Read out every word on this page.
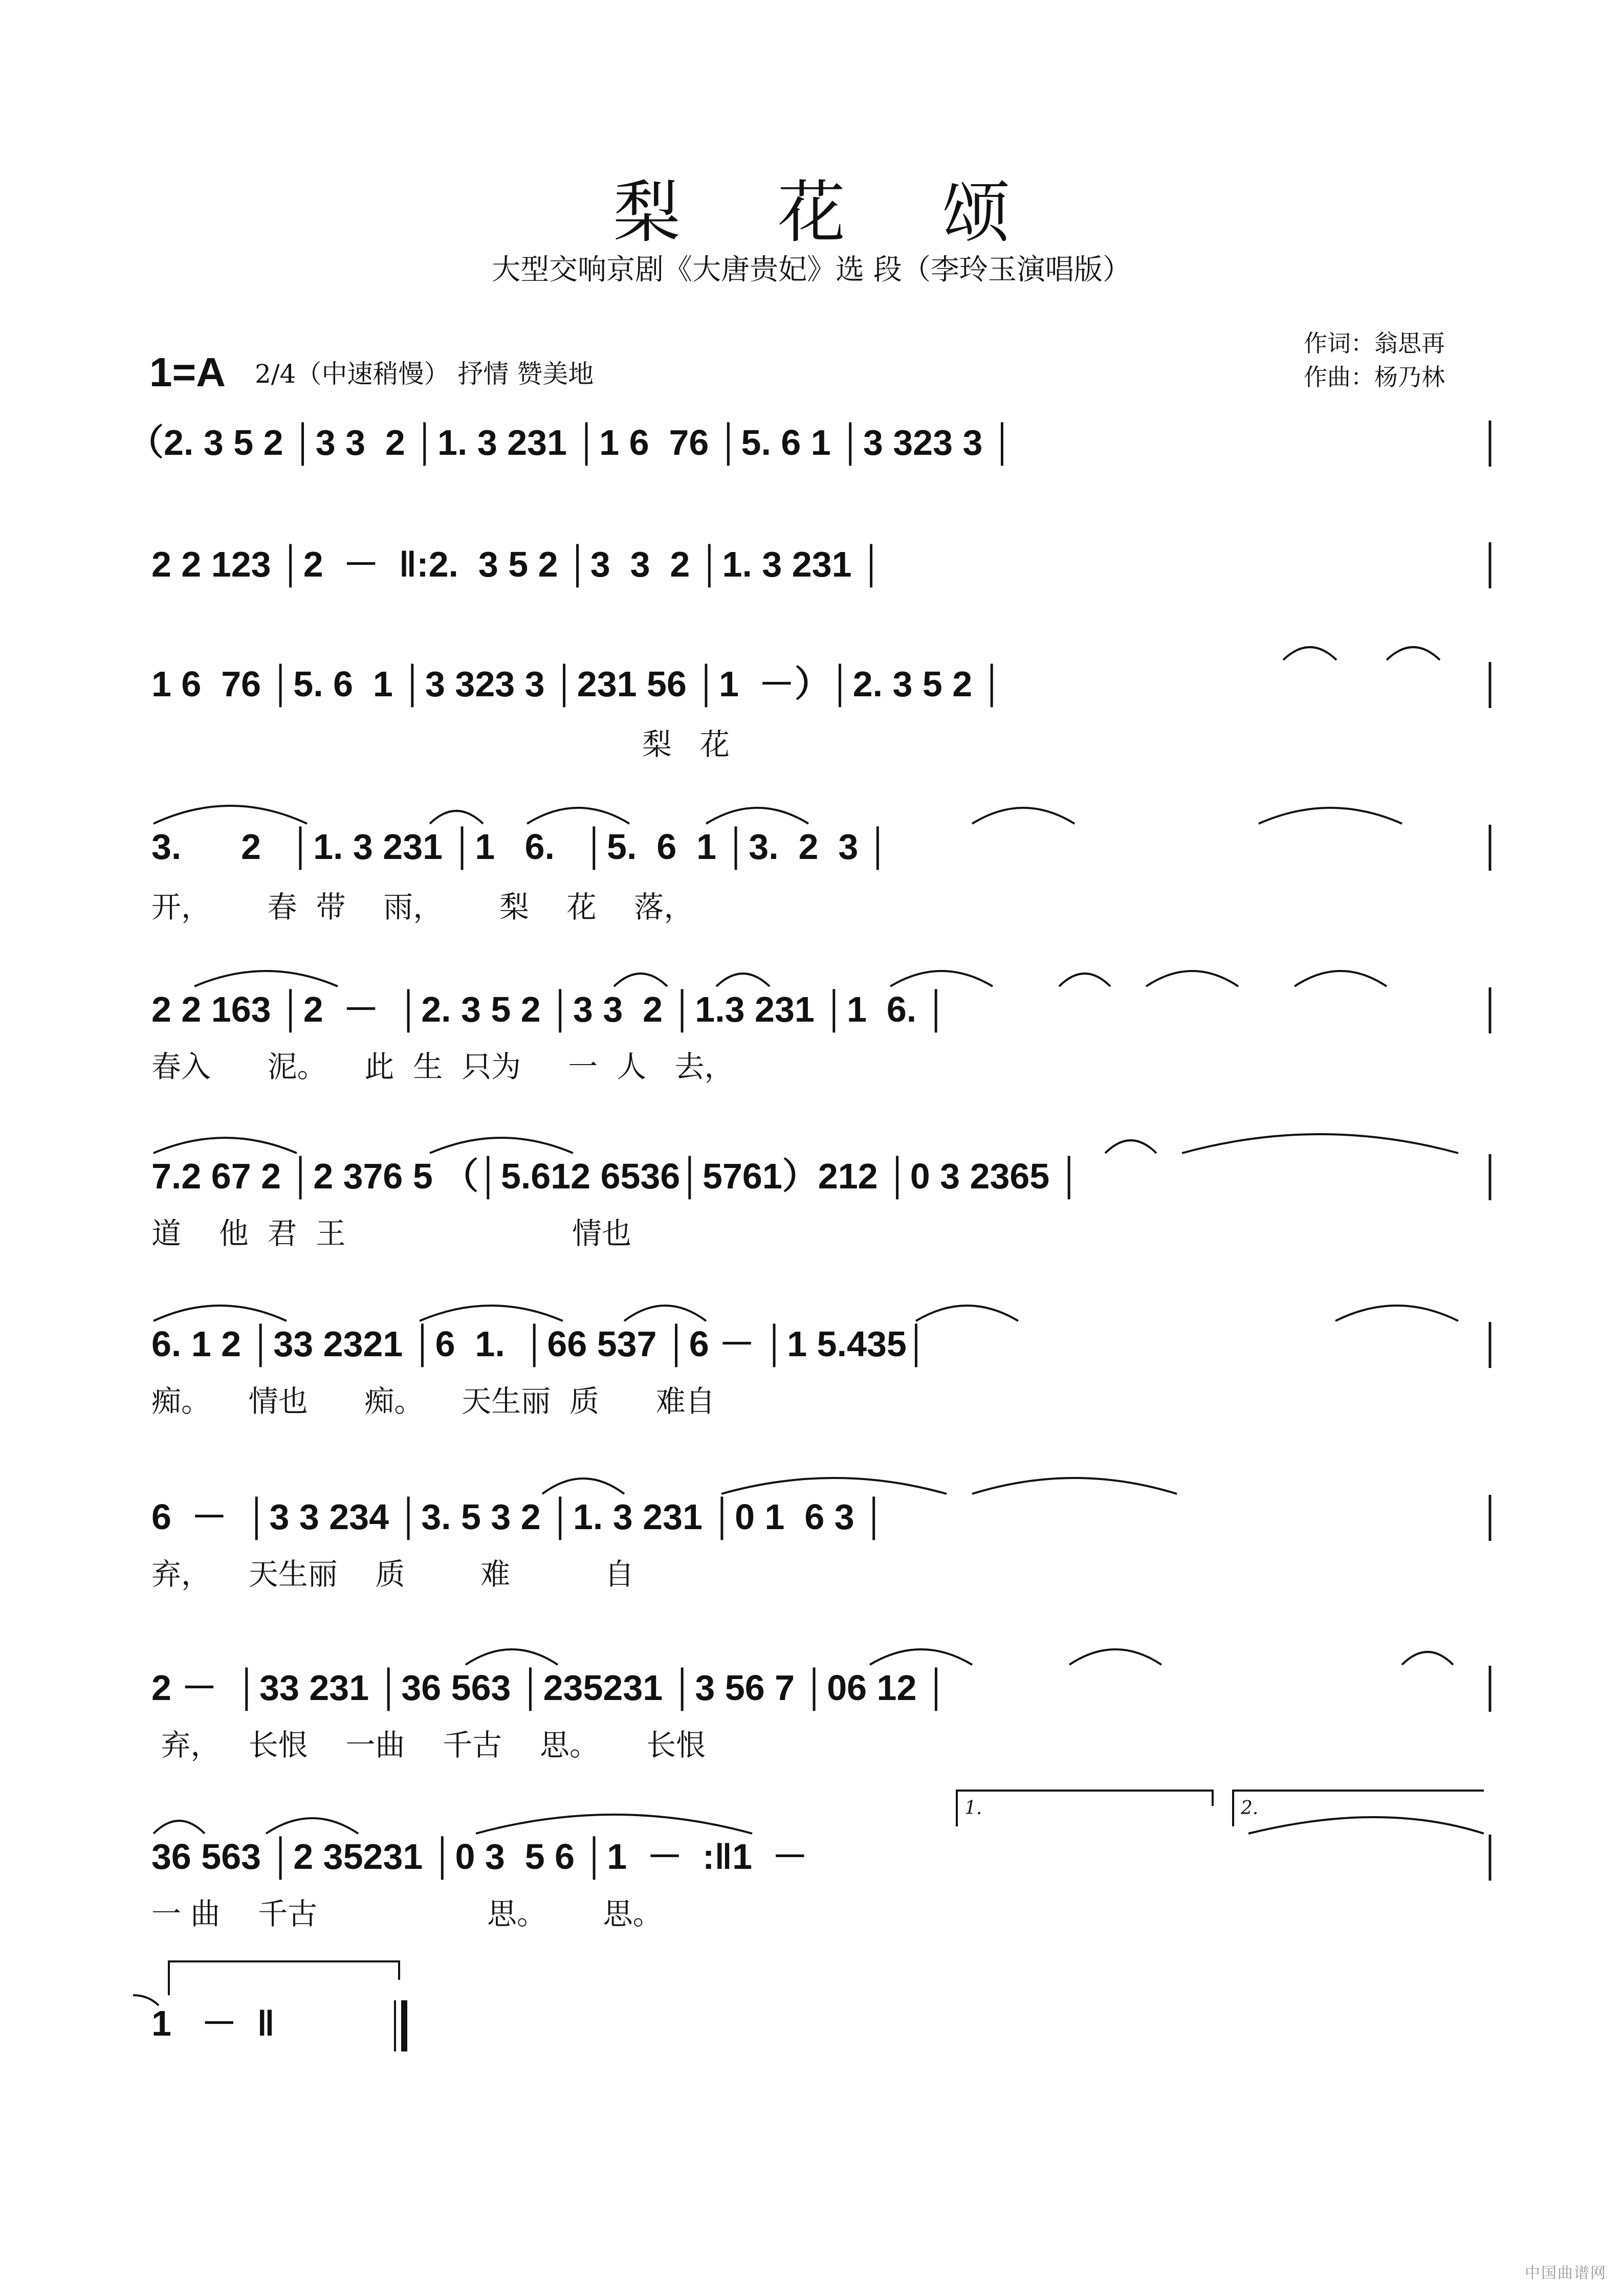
梨花颂
大型交响京剧《大唐贵妃》选 段（李玲玉演唱版）
作词：翁思再
作曲：杨乃林
1=A 2/4（中速稍慢） 抒情 赞美地
（2. 3 5 2 │3 3  2 │1. 3 231 │1 6  76 │5. 6 1 │3 323 3 │
2 2 123 │2  －  ‖:2.  3 5 2 │3  3  2 │1. 3 231 │
1 6  76 │5. 6  1 │3 323 3 │231 56 │1  －）│2. 3 5 2 │
梨   花
3.      2   │1. 3 231 │1   6.   │5.  6  1 │3.  2  3 │
开，      春  带    雨，      梨    花    落，
2 2 163 │2  －  │2. 3 5 2 │3 3  2 │1.3 231 │1  6. │
春入      泥。    此  生  只为     一  人   去，
7.2 67 2 │2 376 5 （│5.612 6536│5761）212 │0 3 2365 │
道    他  君  王                        情也
6. 1 2 │33 2321 │6  1.  │66 537 │6 － │1 5.435│
痴。    情也      痴。    天生丽  质      难自
6  －  │3 3 234 │3. 5 3 2 │1. 3 231 │0 1  6 3 │
弃，    天生丽    质        难          自
2 －  │33 231 │36 563 │235231 │3 56 7 │06 12 │
弃，   长恨    一曲    千古    思。     长恨
36 563 │2 35231 │0 3  5 6 │1  －  :‖1  －
一 曲    千古                  思。      思。
1   －  ‖
1.	2.
中国曲谱网
